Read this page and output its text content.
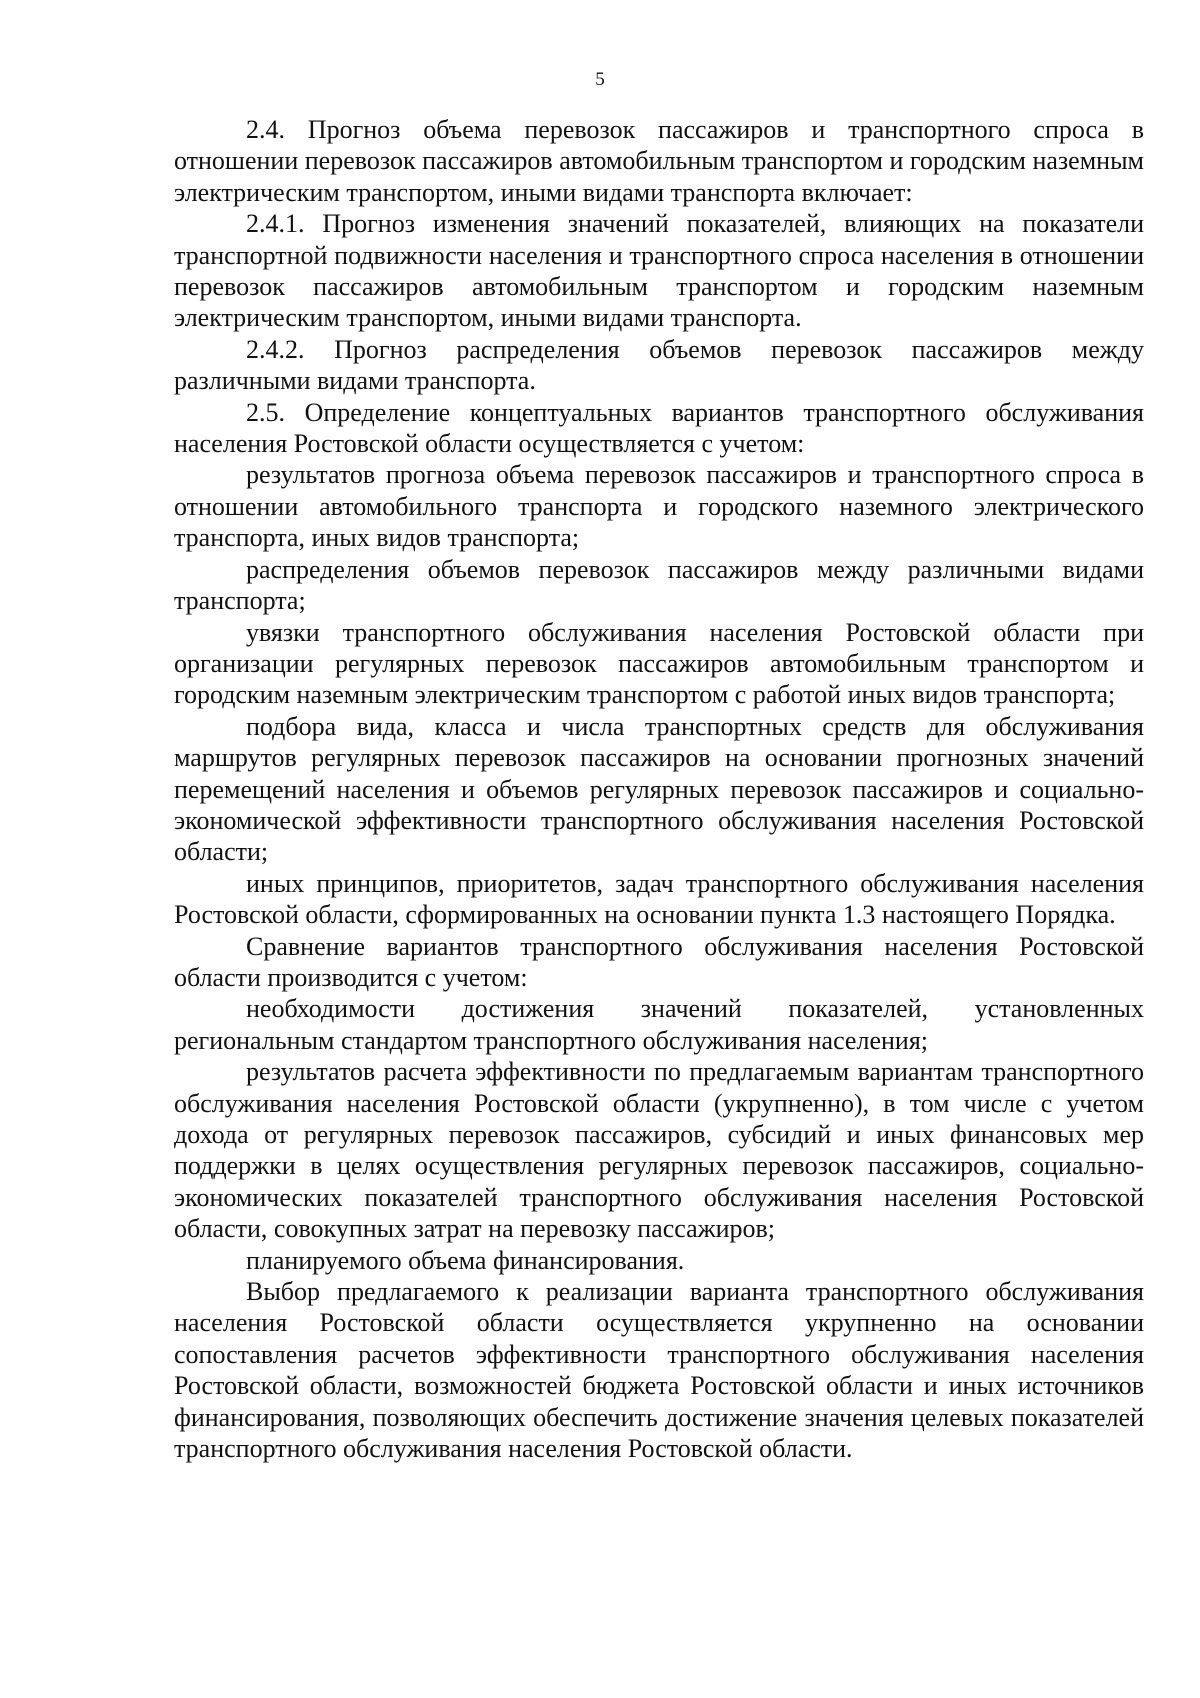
5

2.4. Прогноз объема перевозок пассажиров и транспортного спроса в отношении перевозок пассажиров автомобильным транспортом и городским наземным электрическим транспортом, иными видами транспорта включает:

2.4.1. Прогноз изменения значений показателей, влияющих на показатели транспортной подвижности населения и транспортного спроса населения в отношении перевозок пассажиров автомобильным транспортом и городским наземным электрическим транспортом, иными видами транспорта.

2.4.2. Прогноз распределения объемов перевозок пассажиров между различными видами транспорта.

2.5. Определение концептуальных вариантов транспортного обслуживания населения Ростовской области осуществляется с учетом:

результатов прогноза объема перевозок пассажиров и транспортного спроса в отношении автомобильного транспорта и городского наземного электрического транспорта, иных видов транспорта;

распределения объемов перевозок пассажиров между различными видами транспорта;

увязки транспортного обслуживания населения Ростовской области при организации регулярных перевозок пассажиров автомобильным транспортом и городским наземным электрическим транспортом с работой иных видов транспорта;

подбора вида, класса и числа транспортных средств для обслуживания маршрутов регулярных перевозок пассажиров на основании прогнозных значений перемещений населения и объемов регулярных перевозок пассажиров и социально-экономической эффективности транспортного обслуживания населения Ростовской области;

иных принципов, приоритетов, задач транспортного обслуживания населения Ростовской области, сформированных на основании пункта 1.3 настоящего Порядка.

Сравнение вариантов транспортного обслуживания населения Ростовской области производится с учетом:

необходимости достижения значений показателей, установленных региональным стандартом транспортного обслуживания населения;

результатов расчета эффективности по предлагаемым вариантам транспортного обслуживания населения Ростовской области (укрупненно), в том числе с учетом дохода от регулярных перевозок пассажиров, субсидий и иных финансовых мер поддержки в целях осуществления регулярных перевозок пассажиров, социально-экономических показателей транспортного обслуживания населения Ростовской области, совокупных затрат на перевозку пассажиров;

планируемого объема финансирования.

Выбор предлагаемого к реализации варианта транспортного обслуживания населения Ростовской области осуществляется укрупненно на основании сопоставления расчетов эффективности транспортного обслуживания населения Ростовской области, возможностей бюджета Ростовской области и иных источников финансирования, позволяющих обеспечить достижение значения целевых показателей транспортного обслуживания населения Ростовской области.
